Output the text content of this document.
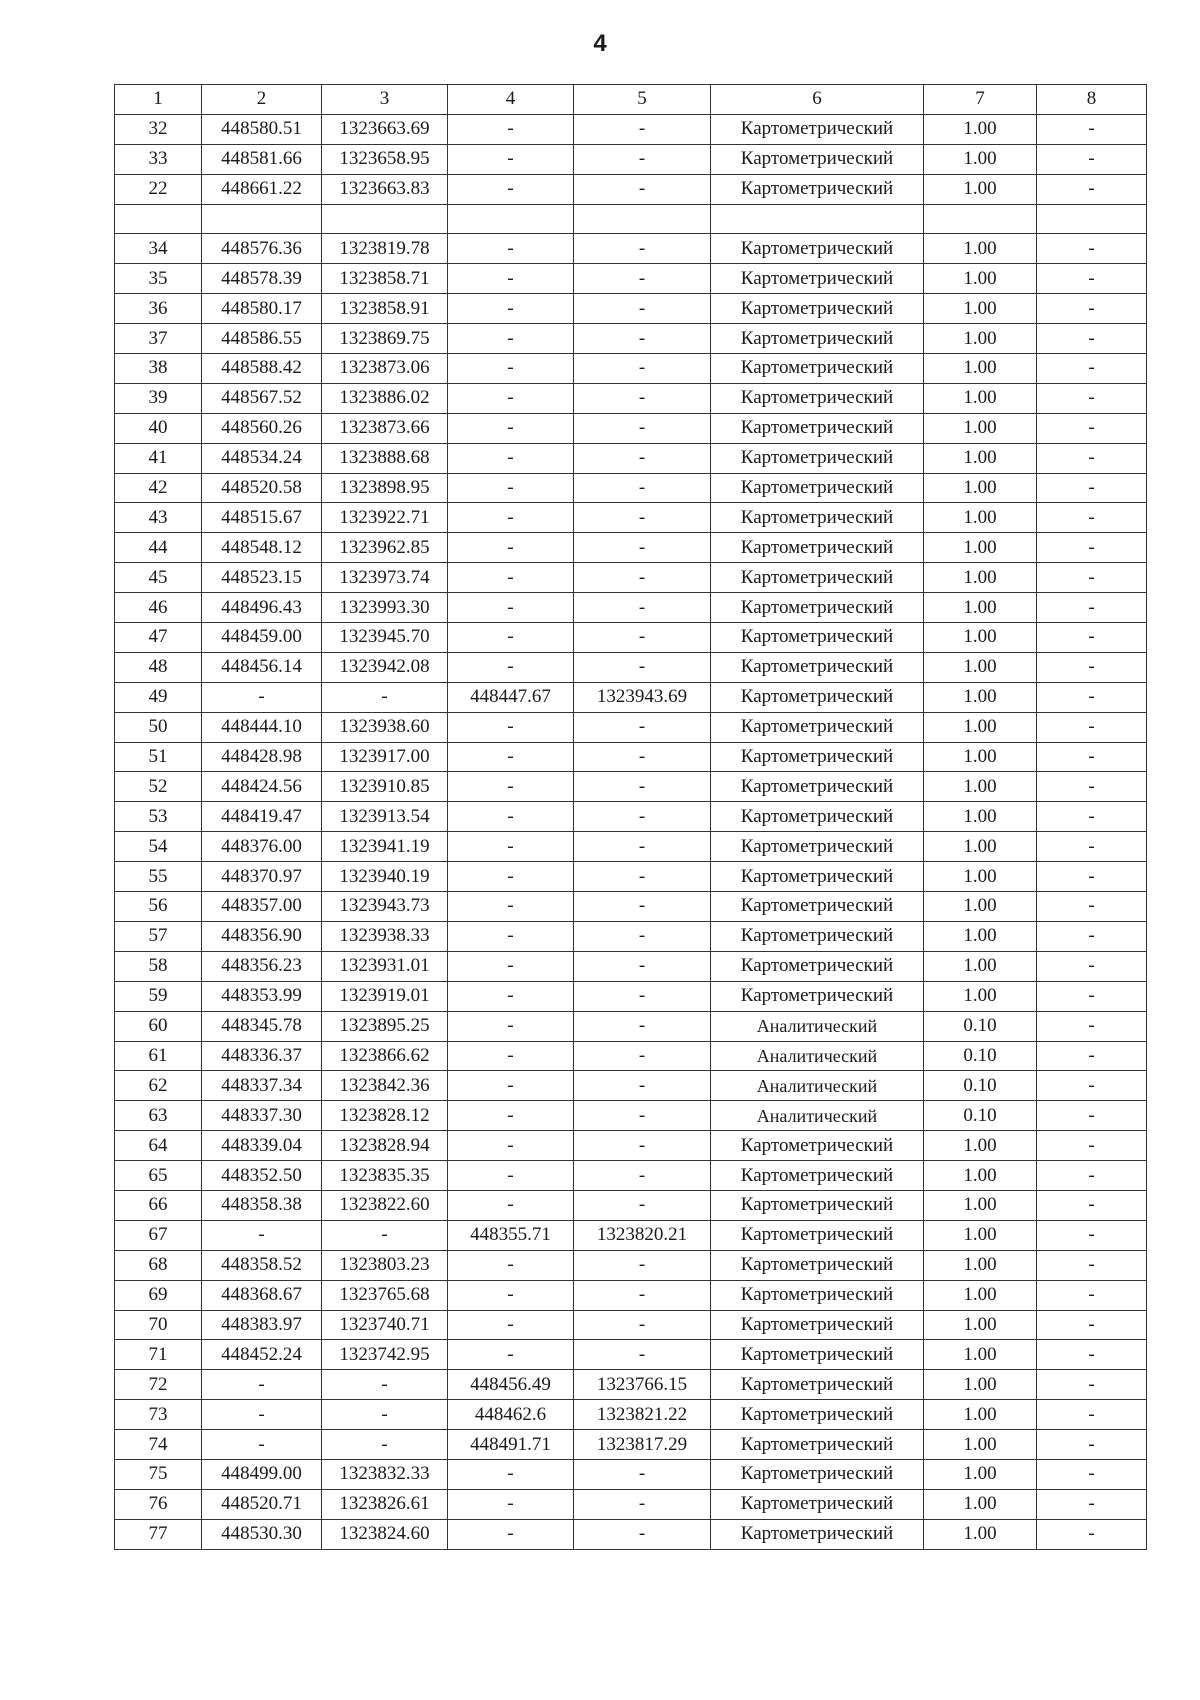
4
1	2	3	4	5	6	7	8
32	448580.51	1323663.69	-	-	Картометрический	1.00	-
33	448581.66	1323658.95	-	-	Картометрический	1.00	-
22	448661.22	1323663.83	-	-	Картометрический	1.00	-

34	448576.36	1323819.78	-	-	Картометрический	1.00	-
35	448578.39	1323858.71	-	-	Картометрический	1.00	-
36	448580.17	1323858.91	-	-	Картометрический	1.00	-
37	448586.55	1323869.75	-	-	Картометрический	1.00	-
38	448588.42	1323873.06	-	-	Картометрический	1.00	-
39	448567.52	1323886.02	-	-	Картометрический	1.00	-
40	448560.26	1323873.66	-	-	Картометрический	1.00	-
41	448534.24	1323888.68	-	-	Картометрический	1.00	-
42	448520.58	1323898.95	-	-	Картометрический	1.00	-
43	448515.67	1323922.71	-	-	Картометрический	1.00	-
44	448548.12	1323962.85	-	-	Картометрический	1.00	-
45	448523.15	1323973.74	-	-	Картометрический	1.00	-
46	448496.43	1323993.30	-	-	Картометрический	1.00	-
47	448459.00	1323945.70	-	-	Картометрический	1.00	-
48	448456.14	1323942.08	-	-	Картометрический	1.00	-
49	-	-	448447.67	1323943.69	Картометрический	1.00	-
50	448444.10	1323938.60	-	-	Картометрический	1.00	-
51	448428.98	1323917.00	-	-	Картометрический	1.00	-
52	448424.56	1323910.85	-	-	Картометрический	1.00	-
53	448419.47	1323913.54	-	-	Картометрический	1.00	-
54	448376.00	1323941.19	-	-	Картометрический	1.00	-
55	448370.97	1323940.19	-	-	Картометрический	1.00	-
56	448357.00	1323943.73	-	-	Картометрический	1.00	-
57	448356.90	1323938.33	-	-	Картометрический	1.00	-
58	448356.23	1323931.01	-	-	Картометрический	1.00	-
59	448353.99	1323919.01	-	-	Картометрический	1.00	-
60	448345.78	1323895.25	-	-	Аналитический	0.10	-
61	448336.37	1323866.62	-	-	Аналитический	0.10	-
62	448337.34	1323842.36	-	-	Аналитический	0.10	-
63	448337.30	1323828.12	-	-	Аналитический	0.10	-
64	448339.04	1323828.94	-	-	Картометрический	1.00	-
65	448352.50	1323835.35	-	-	Картометрический	1.00	-
66	448358.38	1323822.60	-	-	Картометрический	1.00	-
67	-	-	448355.71	1323820.21	Картометрический	1.00	-
68	448358.52	1323803.23	-	-	Картометрический	1.00	-
69	448368.67	1323765.68	-	-	Картометрический	1.00	-
70	448383.97	1323740.71	-	-	Картометрический	1.00	-
71	448452.24	1323742.95	-	-	Картометрический	1.00	-
72	-	-	448456.49	1323766.15	Картометрический	1.00	-
73	-	-	448462.6	1323821.22	Картометрический	1.00	-
74	-	-	448491.71	1323817.29	Картометрический	1.00	-
75	448499.00	1323832.33	-	-	Картометрический	1.00	-
76	448520.71	1323826.61	-	-	Картометрический	1.00	-
77	448530.30	1323824.60	-	-	Картометрический	1.00	-
